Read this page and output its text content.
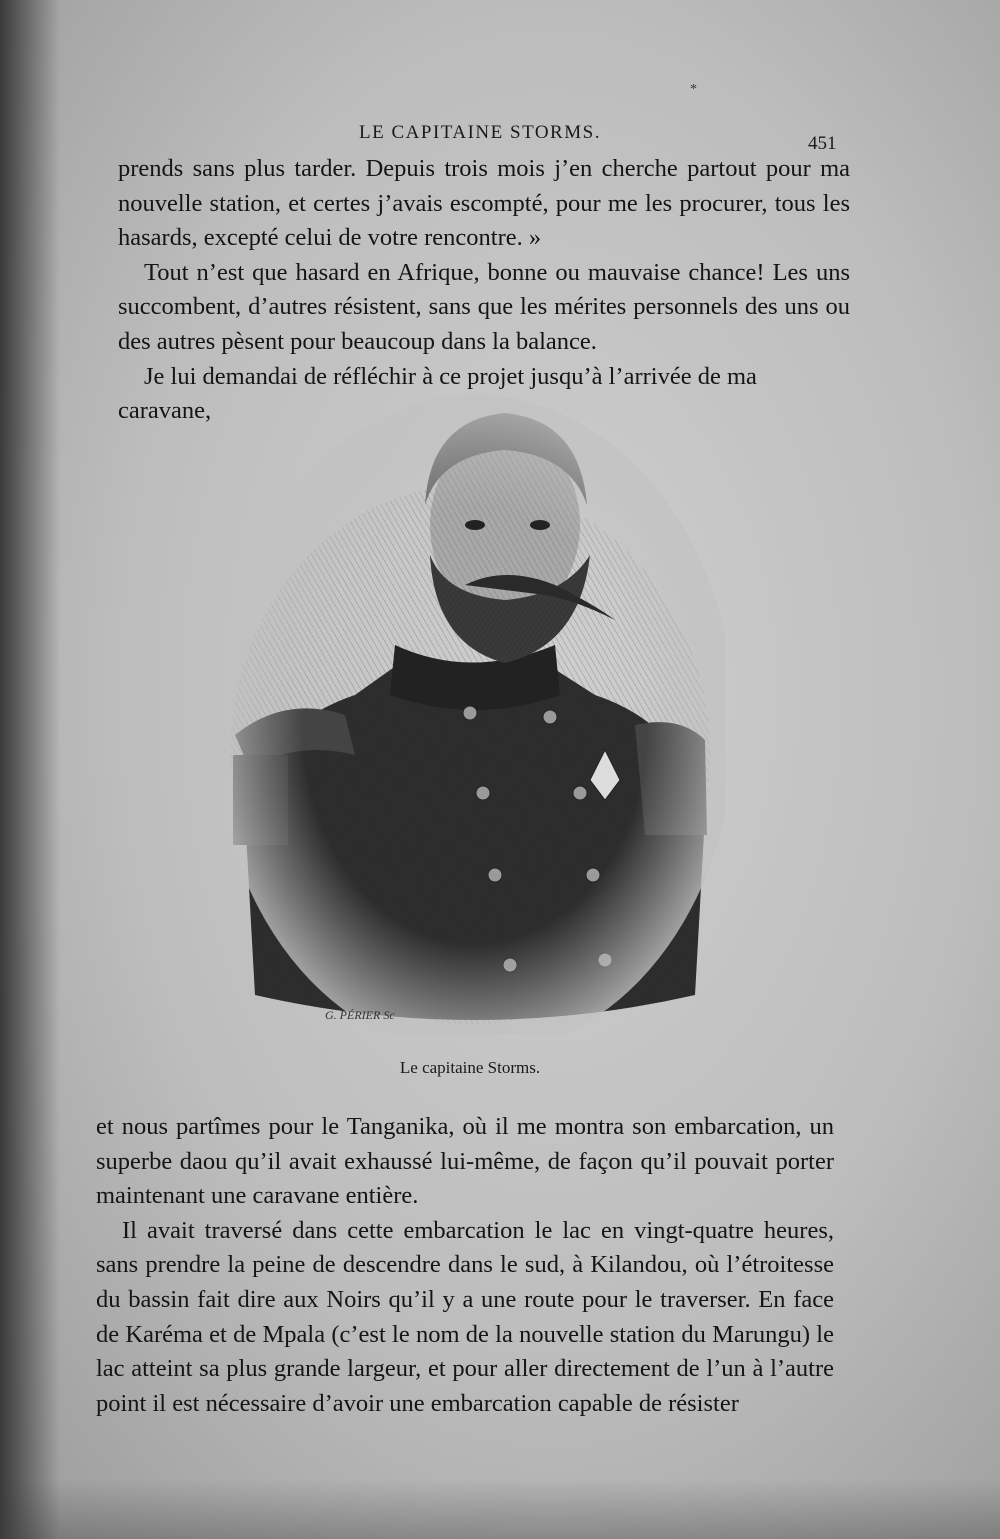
*
LE CAPITAINE STORMS.
451

prends sans plus tarder. Depuis trois mois j’en cherche partout pour ma nouvelle station, et certes j’avais escompté, pour me les procurer, tous les hasards, excepté celui de votre rencontre. »

Tout n’est que hasard en Afrique, bonne ou mauvaise chance! Les uns succombent, d’autres résistent, sans que les mérites personnels des uns ou des autres pèsent pour beaucoup dans la balance.

Je lui demandai de réfléchir à ce projet jusqu’à l’arrivée de ma caravane,

G. PÉRIER Sc
Le capitaine Storms.

et nous partîmes pour le Tanganika, où il me montra son embarcation, un superbe daou qu’il avait exhaussé lui-même, de façon qu’il pouvait porter maintenant une caravane entière.

Il avait traversé dans cette embarcation le lac en vingt-quatre heures, sans prendre la peine de descendre dans le sud, à Kilandou, où l’étroitesse du bassin fait dire aux Noirs qu’il y a une route pour le traverser. En face de Karéma et de Mpala (c’est le nom de la nouvelle station du Marungu) le lac atteint sa plus grande largeur, et pour aller directement de l’un à l’autre point il est nécessaire d’avoir une embarcation capable de résister
